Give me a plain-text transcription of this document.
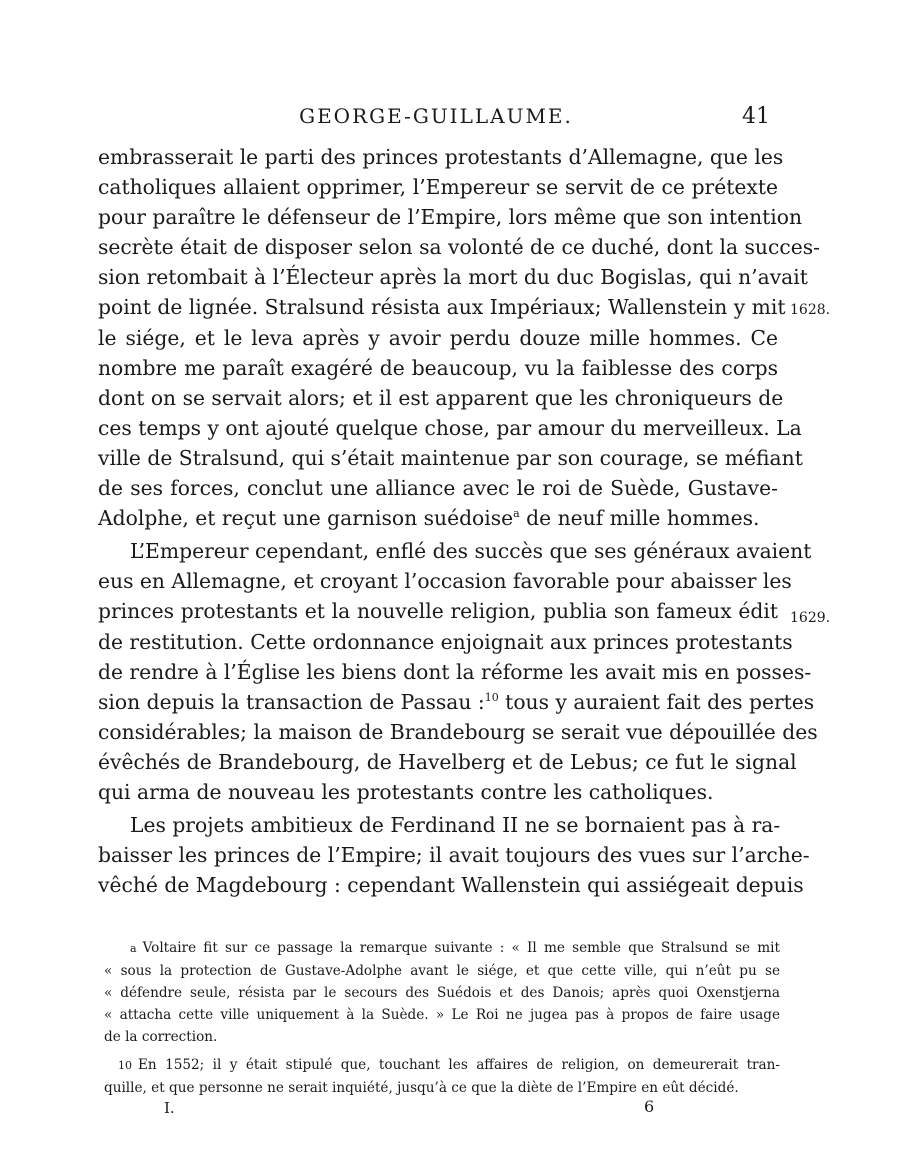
GEORGE-GUILLAUME.	41
1628.
1629.

embrasserait le parti des princes protestants d’Allemagne, que les
catholiques allaient opprimer, l’Empereur se servit de ce prétexte
pour paraître le défenseur de l’Empire, lors même que son intention
secrète était de disposer selon sa volonté de ce duché, dont la succes-
sion retombait à l’Électeur après la mort du duc Bogislas, qui n’avait
point de lignée. Stralsund résista aux Impériaux; Wallenstein y mit
le siége, et le leva après y avoir perdu douze mille hommes. Ce
nombre me paraît exagéré de beaucoup, vu la faiblesse des corps
dont on se servait alors; et il est apparent que les chroniqueurs de
ces temps y ont ajouté quelque chose, par amour du merveilleux. La
ville de Stralsund, qui s’était maintenue par son courage, se méfiant
de ses forces, conclut une alliance avec le roi de Suède, Gustave-

Adolphe, et reçut une garnison suédoise$^a$ de neuf mille hommes.

L’Empereur cependant, enflé des succès que ses généraux avaient

eus en Allemagne, et croyant l’occasion favorable pour abaisser les
princes protestants et la nouvelle religion, publia son fameux édit
de restitution. Cette ordonnance enjoignait aux princes protestants
de rendre à l’Église les biens dont la réforme les avait mis en posses-
sion depuis la transaction de Passau :$^{10}$ tous y auraient fait des pertes
considérables; la maison de Brandebourg se serait vue dépouillée des
évêchés de Brandebourg, de Havelberg et de Lebus; ce fut le signal

qui arma de nouveau les protestants contre les catholiques.

Les projets ambitieux de Ferdinand II ne se bornaient pas à ra-

baisser les princes de l’Empire; il avait toujours des vues sur l’arche-
vêché de Magdebourg : cependant Wallenstein qui assiégeait depuis

a Voltaire fit sur ce passage la remarque suivante : « Il me semble que Stralsund se mit
« sous la protection de Gustave-Adolphe avant le siége, et que cette ville, qui n’eût pu se
« défendre seule, résista par le secours des Suédois et des Danois; après quoi Oxenstjerna
« attacha cette ville uniquement à la Suède. » Le Roi ne jugea pas à propos de faire usage
de la correction.
10 En 1552; il y était stipulé que, touchant les affaires de religion, on demeurerait tran-
quille, et que personne ne serait inquiété, jusqu’à ce que la diète de l’Empire en eût décidé.
I.	6
